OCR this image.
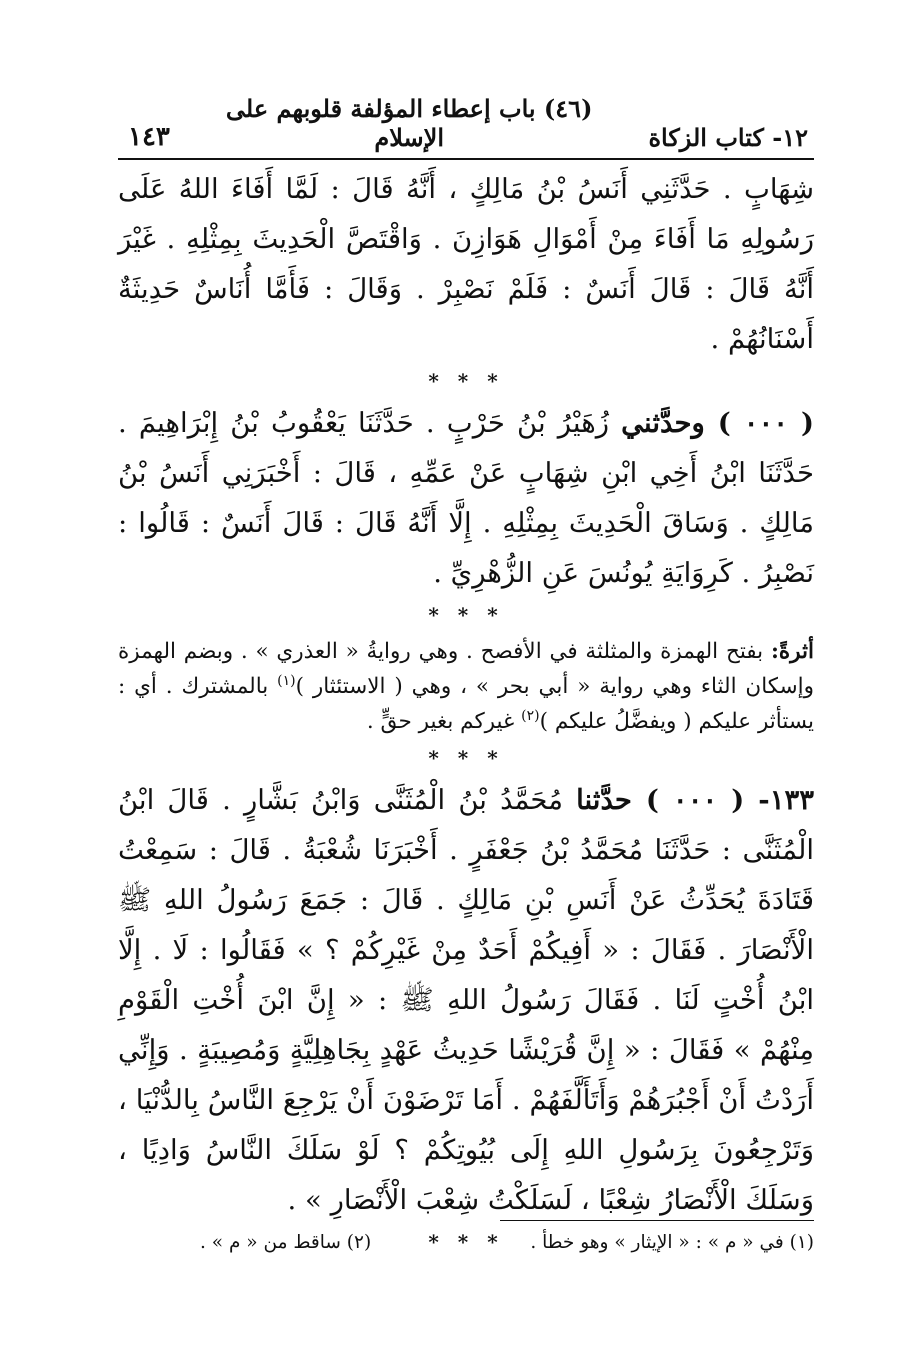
١٢- كتاب الزكاة
(٤٦) باب إعطاء المؤلفة قلوبهم على الإسلام
١٤٣

شِهَابٍ . حَدَّثَنِي أَنَسُ بْنُ مَالِكٍ ، أَنَّهُ قَالَ : لَمَّا أَفَاءَ اللهُ عَلَى رَسُولِهِ مَا أَفَاءَ مِنْ أَمْوَالِ هَوَازِنَ . وَاقْتَصَّ الْحَدِيثَ بِمِثْلِهِ . غَيْرَ أَنَّهُ قَالَ : قَالَ أَنَسٌ : فَلَمْ نَصْبِرْ . وَقَالَ : فَأَمَّا أُنَاسٌ حَدِيثَةٌ أَسْنَانُهُمْ .

* * *

( ٠٠٠ ) وحدَّثني زُهَيْرُ بْنُ حَرْبٍ . حَدَّثَنَا يَعْقُوبُ بْنُ إِبْرَاهِيمَ . حَدَّثَنَا ابْنُ أَخِي ابْنِ شِهَابٍ عَنْ عَمِّهِ ، قَالَ : أَخْبَرَنِي أَنَسُ بْنُ مَالِكٍ . وَسَاقَ الْحَدِيثَ بِمِثْلِهِ . إِلَّا أَنَّهُ قَالَ : قَالَ أَنَسٌ : قَالُوا : نَصْبِرُ . كَرِوَايَةِ يُونُسَ عَنِ الزُّهْرِيِّ .

* * *

أثرةً: بفتح الهمزة والمثلثة في الأفصح . وهي روايةُ « العذري » . وبضم الهمزة وإسكان الثاء وهي رواية « أبي بحر » ، وهي ( الاستئثار )$^{(١)}$ بالمشترك . أي : يستأثر عليكم ( ويفضَّلُ عليكم )$^{(٢)}$ غيركم بغير حقٍّ .

* * *

١٣٣- ( ٠٠٠ ) حدَّثنا مُحَمَّدُ بْنُ الْمُثَنَّى وَابْنُ بَشَّارٍ . قَالَ ابْنُ الْمُثَنَّى : حَدَّثَنَا مُحَمَّدُ بْنُ جَعْفَرٍ . أَخْبَرَنَا شُعْبَةُ . قَالَ : سَمِعْتُ قَتَادَةَ يُحَدِّثُ عَنْ أَنَسِ بْنِ مَالِكٍ . قَالَ : جَمَعَ رَسُولُ اللهِ ﷺ الْأَنْصَارَ . فَقَالَ : « أَفِيكُمْ أَحَدٌ مِنْ غَيْرِكُمْ ؟ » فَقَالُوا : لَا . إِلَّا ابْنُ أُخْتٍ لَنَا . فَقَالَ رَسُولُ اللهِ ﷺ : « إِنَّ ابْنَ أُخْتِ الْقَوْمِ مِنْهُمْ » فَقَالَ : « إِنَّ قُرَيْشًا حَدِيثُ عَهْدٍ بِجَاهِلِيَّةٍ وَمُصِيبَةٍ . وَإِنِّي أَرَدْتُ أَنْ أَجْبُرَهُمْ وَأَتَأَلَّفَهُمْ . أَمَا تَرْضَوْنَ أَنْ يَرْجِعَ النَّاسُ بِالدُّنْيَا ، وَتَرْجِعُونَ بِرَسُولِ اللهِ إِلَى بُيُوتِكُمْ ؟ لَوْ سَلَكَ النَّاسُ وَادِيًا ، وَسَلَكَ الْأَنْصَارُ شِعْبًا ، لَسَلَكْتُ شِعْبَ الْأَنْصَارِ » .

* * *	(١) في « م » : « الإيثار » وهو خطأ .
(٢) ساقط من « م » .
